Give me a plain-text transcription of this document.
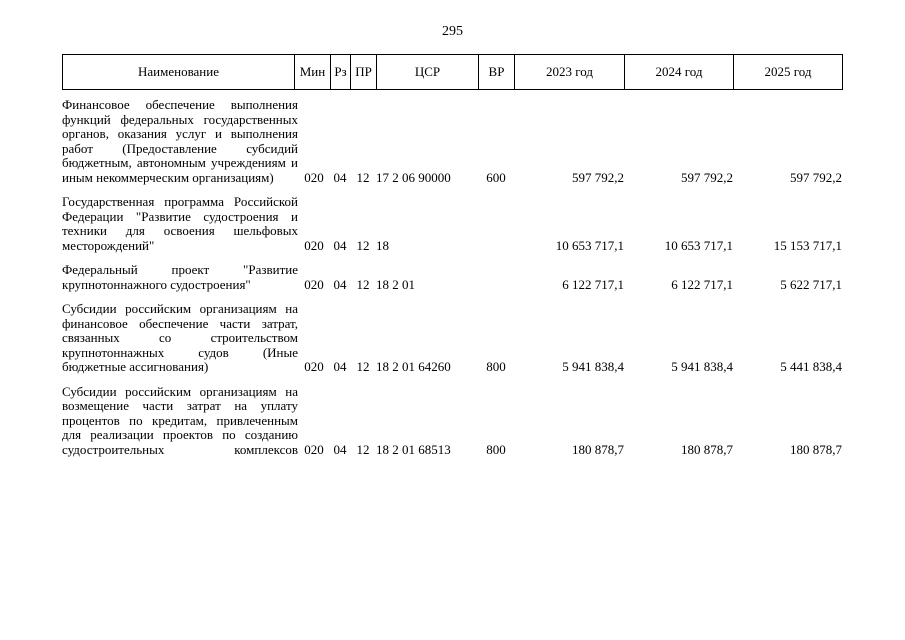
295
Наименование	Мин	Рз	ПР	ЦСР	ВР	2023 год	2024 год	2025 год
Финансовое обеспечение выполнения функций федеральных государственных органов, оказания услуг и выполнения работ (Предоставление субсидий бюджетным, автономным учреждениям и иным некоммерческим организациям)	020	04	12	17 2 06 90000	600	597 792,2	597 792,2	597 792,2

Государственная программа Российской Федерации "Развитие судостроения и техники для освоения шельфовых месторождений"	020	04	12	18		10 653 717,1	10 653 717,1	15 153 717,1

Федеральный проект "Развитие крупнотоннажного судостроения"	020	04	12	18 2 01		6 122 717,1	6 122 717,1	5 622 717,1

Субсидии российским организациям на финансовое обеспечение части затрат, связанных со строительством крупнотоннажных судов (Иные бюджетные ассигнования)	020	04	12	18 2 01 64260	800	5 941 838,4	5 941 838,4	5 441 838,4

Субсидии российским организациям на возмещение части затрат на уплату процентов по кредитам, привлеченным для реализации проектов по созданию судостроительных комплексов	020	04	12	18 2 01 68513	800	180 878,7	180 878,7	180 878,7
